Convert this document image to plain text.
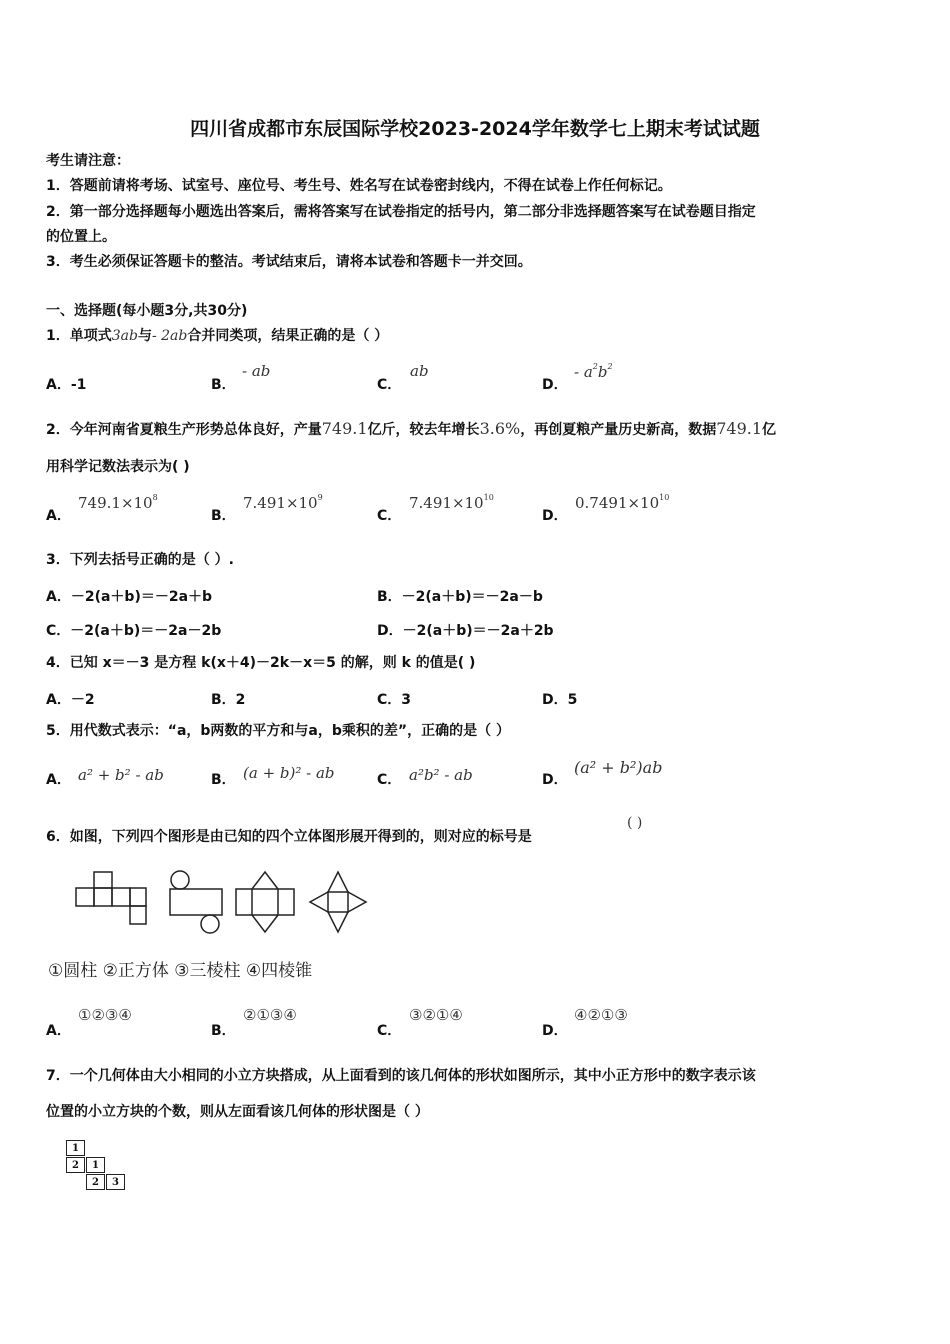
四川省成都市东辰国际学校2023-2024学年数学七上期末考试试题
考生请注意：
1．答题前请将考场、试室号、座位号、考生号、姓名写在试卷密封线内，不得在试卷上作任何标记。
2．第一部分选择题每小题选出答案后，需将答案写在试卷指定的括号内，第二部分非选择题答案写在试卷题目指定
的位置上。
3．考生必须保证答题卡的整洁。考试结束后，请将本试卷和答题卡一并交回。
一、选择题(每小题3分,共30分)
1．单项式3ab与- 2ab合并同类项，结果正确的是（ ）
A．-1	B．
- ab
C．
ab
D．
- $a^2b^2$
2．今年河南省夏粮生产形势总体良好，产量749.1亿斤，较去年增长3.6%，再创夏粮产量历史新高，数据749.1亿
用科学记数法表示为( )
A．
$749.1\times 10^8$
B．
$7.491\times 10^9$
C．
$7.491\times 10^{10}$
D．
$0.7491\times 10^{10}$
3．下列去括号正确的是（ ）.
A．－2(a＋b)＝－2a＋b	B．－2(a＋b)＝－2a－b
C．－2(a＋b)＝－2a－2b	D．－2(a＋b)＝－2a＋2b
4．已知 x＝－3 是方程 k(x＋4)－2k－x＝5 的解，则 k 的值是( )
A．－2	B．2	C．3	D．5
5．用代数式表示：“a，b两数的平方和与a，b乘积的差”，正确的是（ ）
A． a² + b² - ab	B． (a + b)² - ab	C． a²b² - ab	D．
(a² + b²)ab
6．如图，下列四个图形是由已知的四个立体图形展开得到的，则对应的标号是
( )
①圆柱 ②正方体 ③三棱柱 ④四棱锥
A．
①②③④
B．
②①③④
C．
③②①④
D．
④②①③
7．一个几何体由大小相同的小立方块搭成，从上面看到的该几何体的形状如图所示，其中小正方形中的数字表示该
位置的小立方块的个数，则从左面看该几何体的形状图是（ ）
1
2	1
2	3
